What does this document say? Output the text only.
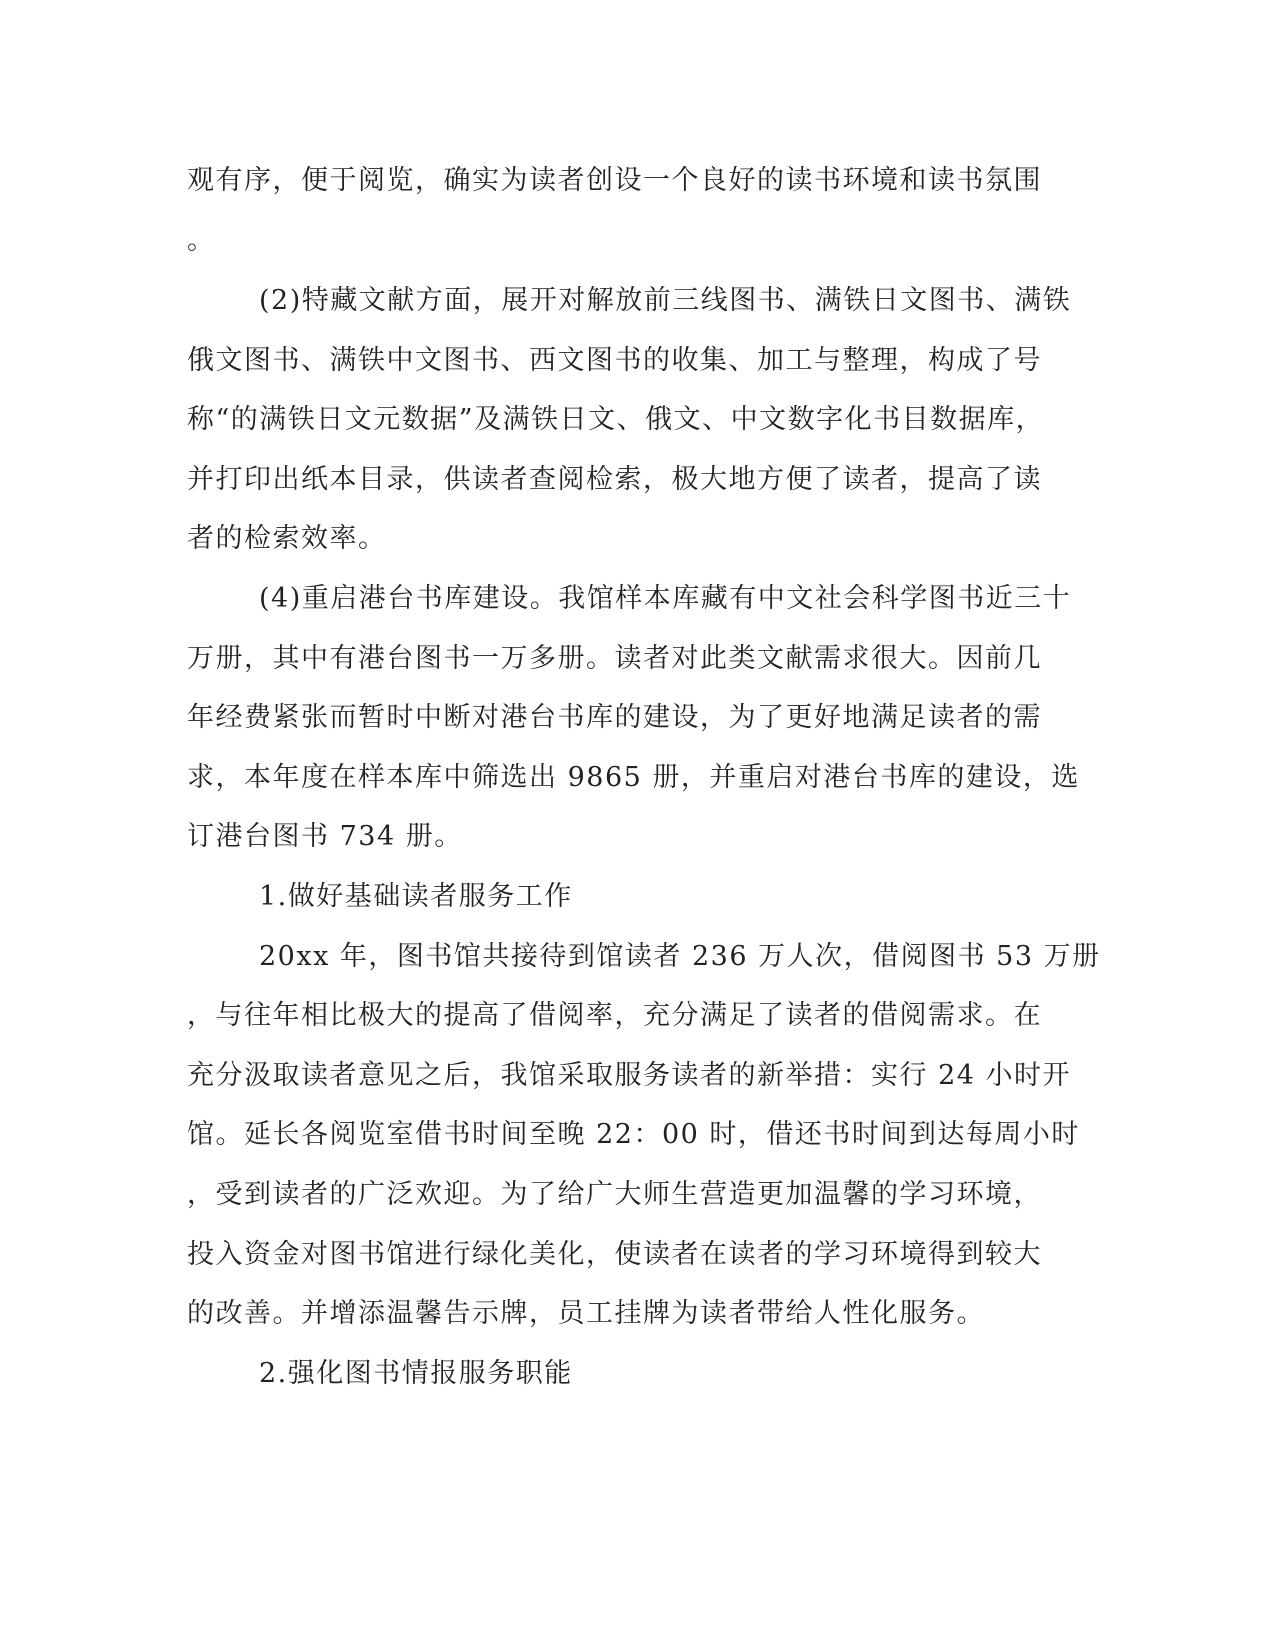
观有序，便于阅览，确实为读者创设一个良好的读书环境和读书氛围
。
(2)特藏文献方面，展开对解放前三线图书、满铁日文图书、满铁
俄文图书、满铁中文图书、西文图书的收集、加工与整理，构成了号
称“的满铁日文元数据”及满铁日文、俄文、中文数字化书目数据库，
并打印出纸本目录，供读者查阅检索，极大地方便了读者，提高了读
者的检索效率。
(4)重启港台书库建设。我馆样本库藏有中文社会科学图书近三十
万册，其中有港台图书一万多册。读者对此类文献需求很大。因前几
年经费紧张而暂时中断对港台书库的建设，为了更好地满足读者的需
求，本年度在样本库中筛选出 9865 册，并重启对港台书库的建设，选
订港台图书 734 册。
1.做好基础读者服务工作
20xx 年，图书馆共接待到馆读者 236 万人次，借阅图书 53 万册
，与往年相比极大的提高了借阅率，充分满足了读者的借阅需求。在
充分汲取读者意见之后，我馆采取服务读者的新举措：实行 24 小时开
馆。延长各阅览室借书时间至晚 22：00 时，借还书时间到达每周小时
，受到读者的广泛欢迎。为了给广大师生营造更加温馨的学习环境，
投入资金对图书馆进行绿化美化，使读者在读者的学习环境得到较大
的改善。并增添温馨告示牌，员工挂牌为读者带给人性化服务。
2.强化图书情报服务职能
